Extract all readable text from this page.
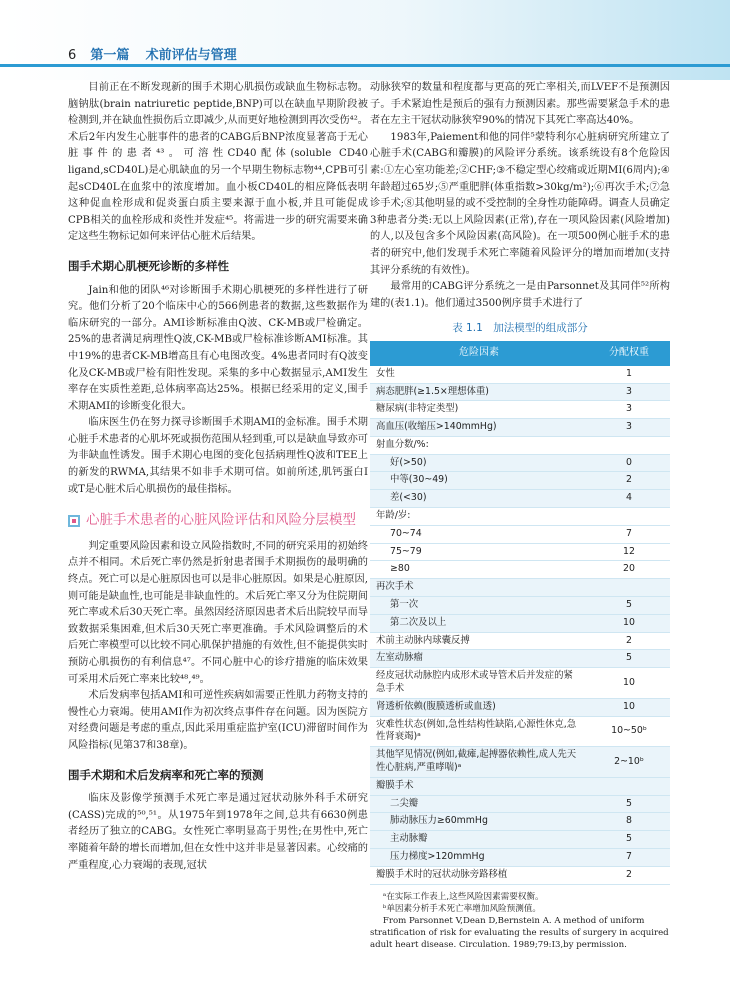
6 第一篇 术前评估与管理

目前正在不断发现新的围手术期心肌损伤或缺血生物标志物。脑钠肽(brain natriuretic peptide,BNP)可以在缺血早期阶段被检测到,并在缺血性损伤后立即减少,从而更好地检测到再次受伤⁴²。术后2年内发生心脏事件的患者的CABG后BNP浓度显著高于无心脏事件的患者⁴³。可溶性CD40配体(soluble CD40 ligand,sCD40L)是心肌缺血的另一个早期生物标志物⁴⁴,CPB可引起sCD40L在血浆中的浓度增加。血小板CD40L的相应降低表明这种促血栓形成和促炎蛋白质主要来源于血小板,并且可能促成CPB相关的血栓形成和炎性并发症⁴⁵。将需进一步的研究需要来确定这些生物标记如何来评估心脏术后结果。

围手术期心肌梗死诊断的多样性

Jain和他的团队⁴⁶对诊断围手术期心肌梗死的多样性进行了研究。他们分析了20个临床中心的566例患者的数据,这些数据作为临床研究的一部分。AMI诊断标准由Q波、CK-MB或尸检确定。25%的患者满足病理性Q波,CK-MB或尸检标准诊断AMI标准。其中19%的患者CK-MB增高且有心电图改变。4%患者同时有Q波变化及CK-MB或尸检有阳性发现。采集的多中心数据显示,AMI发生率存在实质性差距,总体病率高达25%。根据已经采用的定义,围手术期AMI的诊断变化很大。

临床医生仍在努力探寻诊断围手术期AMI的金标准。围手术期心脏手术患者的心肌坏死或损伤范围从轻到重,可以是缺血导致亦可为非缺血性诱发。围手术期心电图的变化包括病理性Q波和TEE上的新发的RWMA,其结果不如非手术期可信。如前所述,肌钙蛋白I或T是心脏术后心肌损伤的最佳指标。

心脏手术患者的心脏风险评估和风险分层模型

判定重要风险因素和设立风险指数时,不同的研究采用的初始终点并不相同。术后死亡率仍然是折射患者围手术期损伤的最明确的终点。死亡可以是心脏原因也可以是非心脏原因。如果是心脏原因,则可能是缺血性,也可能是非缺血性的。术后死亡率又分为住院期间死亡率或术后30天死亡率。虽然因经济原因患者术后出院较早而导致数据采集困难,但术后30天死亡率更准确。手术风险调整后的术后死亡率模型可以比较不同心肌保护措施的有效性,但不能提供实时预防心肌损伤的有利信息⁴⁷。不同心脏中心的诊疗措施的临床效果可采用术后死亡率来比较⁴⁸,⁴⁹。

术后发病率包括AMI和可逆性疾病如需要正性肌力药物支持的慢性心力衰竭。使用AMI作为初次终点事件存在问题。因为医院方对经费问题是考虑的重点,因此采用重症监护室(ICU)滞留时间作为风险指标(见第37和38章)。

围手术期和术后发病率和死亡率的预测

临床及影像学预测手术死亡率是通过冠状动脉外科手术研究(CASS)完成的⁵⁰,⁵¹。从1975年到1978年之间,总共有6630例患者经历了独立的CABG。女性死亡率明显高于男性;在男性中,死亡率随着年龄的增长而增加,但在女性中这并非是显著因素。心绞痛的严重程度,心力衰竭的表现,冠状

动脉狭窄的数量和程度都与更高的死亡率相关,而LVEF不是预测因子。手术紧迫性是预后的强有力预测因素。那些需要紧急手术的患者在左主干冠状动脉狭窄90%的情况下其死亡率高达40%。

1983年,Paiement和他的同伴⁵蒙特利尔心脏病研究所建立了心脏手术(CABG和瓣膜)的风险评分系统。该系统设有8个危险因素:①左心室功能差;②CHF;③不稳定型心绞痛或近期MI(6周内);④年龄超过65岁;⑤严重肥胖(体重指数>30kg/m²);⑥再次手术;⑦急诊手术;⑧其他明显的或不受控制的全身性功能障碍。调查人员确定3种患者分类:无以上风险因素(正常),存在一项风险因素(风险增加)的人,以及包含多个风险因素(高风险)。在一项500例心脏手术的患者的研究中,他们发现手术死亡率随着风险评分的增加而增加(支持其评分系统的有效性)。

最常用的CABG评分系统之一是由Parsonnet及其同伴⁵²所构建的(表1.1)。他们通过3500例序贯手术进行了

表 1.1　加法模型的组成部分
危险因素	分配权重
女性	1
病态肥胖(≥1.5×理想体重)	3
糖尿病(非特定类型)	3
高血压(收缩压>140mmHg)	3
射血分数/%:	

好(>50)	0

中等(30~49)	2

差(<30)	4
年龄/岁:	

70~74	7

75~79	12

≥80	20
再次手术	

第一次	5

第二次及以上	10
术前主动脉内球囊反搏	2
左室动脉瘤	5
经皮冠状动脉腔内成形术或导管术后并发症的紧急手术	10
肾透析依赖(腹膜透析或血透)	10
灾难性状态(例如,急性结构性缺陷,心源性休克,急性肾衰竭)ᵃ	10~50ᵇ
其他罕见情况(例如,截瘫,起搏器依赖性,成人先天性心脏病,严重哮喘)ᵃ	2~10ᵇ
瓣膜手术	

二尖瓣	5

肺动脉压力≥60mmHg	8

主动脉瓣	5

压力梯度>120mmHg	7
瓣膜手术时的冠状动脉旁路移植	2
ᵃ在实际工作表上,这些风险因素需要权衡。
ᵇ单因素分析手术死亡率增加风险预测值。
From Parsonnet V,Dean D,Bernstein A. A method of uniform stratification of risk for evaluating the results of surgery in acquired adult heart disease. Circulation. 1989;79:I3,by permission.
